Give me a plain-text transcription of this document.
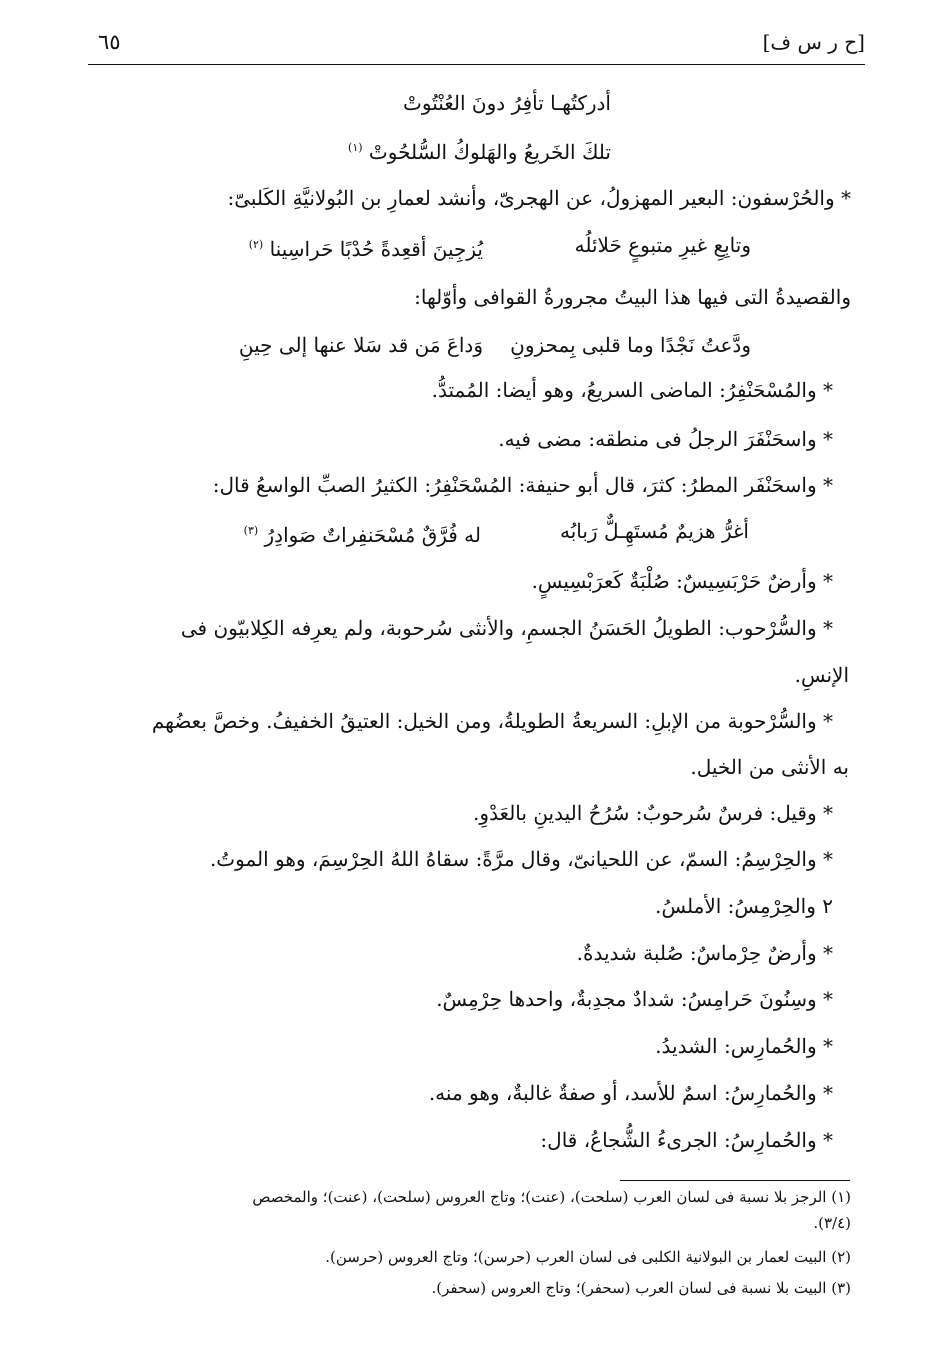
[ح ر س ف]
٦٥
أدركتُهـا تأفِرُ دونَ العُنْتُوتْ
تلكَ الخَريعُ والهَلوكُ السُّلحُوتْ $^{(١)}$
* والحُرْسفون: البعير المهزولُ، عن الهجرىّ، وأنشد لعمارِ بن البُولانيَّةِ الكَلبىّ:
وتابِعِ غيرِ متبوعٍ حَلائلُه
يُزجِينَ أقعِدةً حُدْبًا حَراسِينا $^{(٢)}$
والقصيدةُ التى فيها هذا البيتُ مجرورةُ القوافى وأوّلها:
ودَّعتُ نَجْدًا وما قلبى بِمحزونِ
وَداعَ مَن قد سَلا عنها إلى حِينِ
* والمُسْحَنْفِرُ: الماضى السريعُ، وهو أيضا: المُمتدُّ.
* واسحَنْفَرَ الرجلُ فى منطقه: مضى فيه.
* واسحَنْفَر المطرُ: كثرَ، قال أبو حنيفة: المُسْحَنْفِرُ: الكثيرُ الصبِّ الواسعُ قال:
أغرُّ هزيمٌ مُستَهِـلٌّ رَبابُه
له فُرَّقٌ مُسْحَنفِراتٌ صَوادِرُ $^{(٣)}$
* وأرضٌ حَرْبَسِيسٌ: صُلْبَةٌ كَعرَبْسِيسٍ.
* والسُّرْحوب: الطويلُ الحَسَنُ الجسمِ، والأنثى سُرحوبة، ولم يعرِفه الكِلابيّون فى
الإنسِ.
* والسُّرْحوبة من الإبلِ: السريعةُ الطويلةُ، ومن الخيل: العتيقُ الخفيفُ. وخصَّ بعضُهم
به الأنثى من الخيل.
* وقيل: فرسٌ سُرحوبٌ: سُرُحُ اليدينِ بالعَدْوِ.
* والحِرْسِمُ: السمّ، عن اللحيانىّ، وقال مرَّةً: سقاهُ اللهُ الحِرْسِمَ، وهو الموتُ.
٢ والحِرْمِسُ: الأملسُ.
* وأرضٌ حِرْماسٌ: صُلبة شديدةٌ.
* وسِنُونَ حَرامِسُ: شدادٌ مجدِبةٌ، واحدها حِرْمِسٌ.
* والحُمارِس: الشديدُ.
* والحُمارِسُ: اسمٌ للأسد، أو صفةٌ غالبةٌ، وهو منه.
* والحُمارِسُ: الجرىءُ الشُّجاعُ، قال:
(١) الرجز بلا نسبة فى لسان العرب (سلحت)، (عنت)؛ وتاج العروس (سلحت)، (عنت)؛ والمخصص
(٣/٤).
(٢) البيت لعمار بن البولانية الكلبى فى لسان العرب (حرسن)؛ وتاج العروس (حرسن).
(٣) البيت بلا نسبة فى لسان العرب (سحفر)؛ وتاج العروس (سحفر).
